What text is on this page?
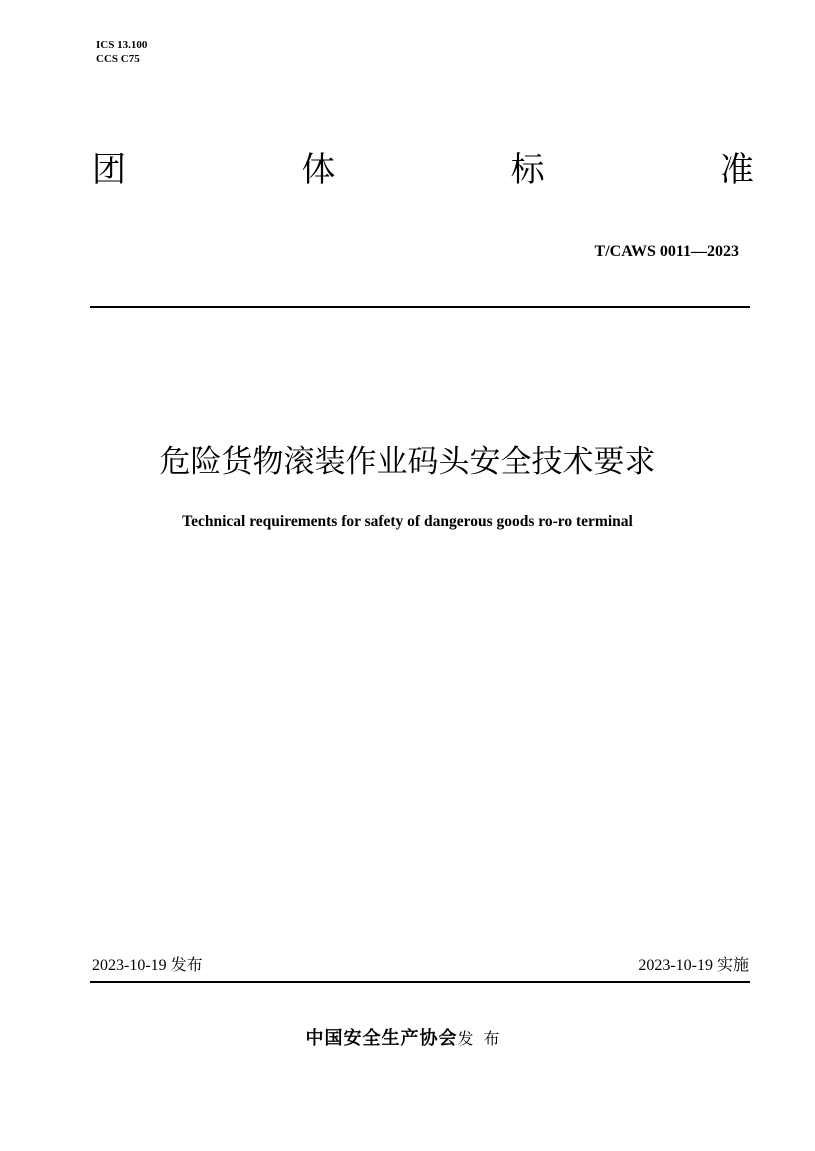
ICS 13.100
CCS C75
团	体	标	准
T/CAWS 0011—2023
危险货物滚装作业码头安全技术要求
Technical requirements for safety of dangerous goods ro-ro terminal
2023-10-19 发布	2023-10-19 实施
中国安全生产协会发布
